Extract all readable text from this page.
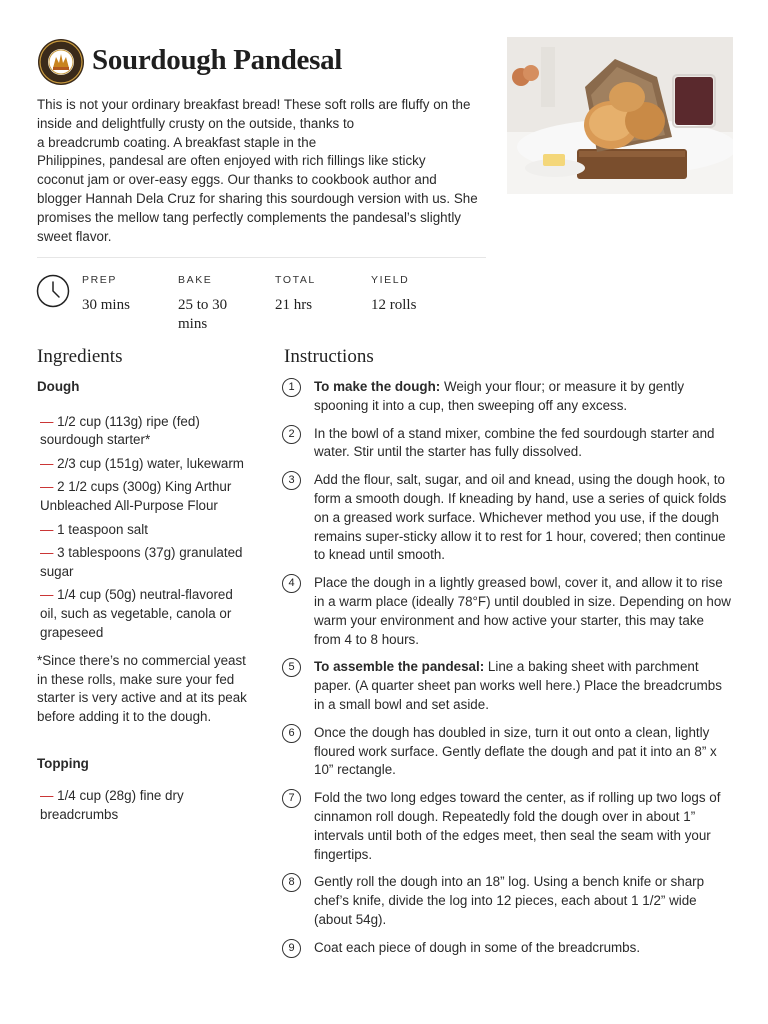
Sourdough Pandesal

This is not your ordinary breakfast bread! These soft rolls are fluffy on the

inside and delightfully crusty on the outside, thanks to

a breadcrumb coating. A breakfast staple in the

Philippines, pandesal are often enjoyed with rich fillings like sticky

coconut jam or over-easy eggs. Our thanks to cookbook author and

blogger Hannah Dela Cruz for sharing this sourdough version with us. She

promises the mellow tang perfectly complements the pandesal’s slightly

sweet flavor.

PREP
30 mins
BAKE
25 to 30 mins
TOTAL
21 hrs
YIELD
12 rolls
Ingredients
Dough
— 1/2 cup (113g) ripe (fed) sourdough starter*
— 2/3 cup (151g) water, lukewarm
— 2 1/2 cups (300g) King Arthur Unbleached All-Purpose Flour
— 1 teaspoon salt
— 3 tablespoons (37g) granulated sugar
— 1/4 cup (50g) neutral-flavored oil, such as vegetable, canola or grapeseed
*Since there’s no commercial yeast in these rolls, make sure your fed starter is very active and at its peak before adding it to the dough.
Topping
— 1/4 cup (28g) fine dry breadcrumbs
Instructions
1	To make the dough: Weigh your flour; or measure it by gently spooning it into a cup, then sweeping off any excess.
2	In the bowl of a stand mixer, combine the fed sourdough starter and water. Stir until the starter has fully dissolved.
3	Add the flour, salt, sugar, and oil and knead, using the dough hook, to form a smooth dough. If kneading by hand, use a series of quick folds on a greased work surface. Whichever method you use, if the dough remains super-sticky allow it to rest for 1 hour, covered; then continue to knead until smooth.
4	Place the dough in a lightly greased bowl, cover it, and allow it to rise in a warm place (ideally 78°F) until doubled in size. Depending on how warm your environment and how active your starter, this may take from 4 to 8 hours.
5	To assemble the pandesal: Line a baking sheet with parchment paper. (A quarter sheet pan works well here.) Place the breadcrumbs in a small bowl and set aside.
6	Once the dough has doubled in size, turn it out onto a clean, lightly floured work surface. Gently deflate the dough and pat it into an 8” x 10” rectangle.
7	Fold the two long edges toward the center, as if rolling up two logs of cinnamon roll dough. Repeatedly fold the dough over in about 1” intervals until both of the edges meet, then seal the seam with your fingertips.
8	Gently roll the dough into an 18” log. Using a bench knife or sharp chef’s knife, divide the log into 12 pieces, each about 1 1/2” wide (about 54g).
9	Coat each piece of dough in some of the breadcrumbs.
